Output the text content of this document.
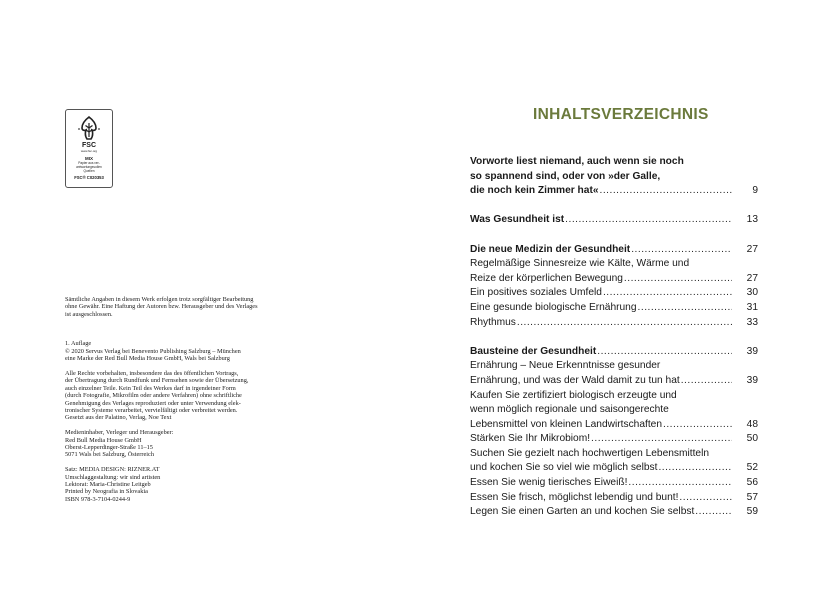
FSC
www.fsc.org
MIX
Papier aus ver-
antwortungsvollen
Quellen
FSC® C020353

Sämtliche Angaben in diesem Werk erfolgen trotz sorgfältiger Bearbeitung

ohne Gewähr. Eine Haftung der Autoren bzw. Herausgeber und des Verlages

ist ausgeschlossen.

1. Auflage

© 2020 Servus Verlag bei Benevento Publishing Salzburg – München

eine Marke der Red Bull Media House GmbH, Wals bei Salzburg

Alle Rechte vorbehalten, insbesondere das des öffentlichen Vortrags,

der Übertragung durch Rundfunk und Fernsehen sowie der Übersetzung,

auch einzelner Teile. Kein Teil des Werkes darf in irgendeiner Form

(durch Fotografie, Mikrofilm oder andere Verfahren) ohne schriftliche

Genehmigung des Verlages reproduziert oder unter Verwendung elek-

tronischer Systeme verarbeitet, vervielfältigt oder verbreitet werden.

Gesetzt aus der Palatino, Verlag, Noe Text

Medieninhaber, Verleger und Herausgeber:

Red Bull Media House GmbH

Oberst-Lepperdinger-Straße 11–15

5071 Wals bei Salzburg, Österreich

Satz: MEDIA DESIGN: RIZNER.AT

Umschlaggestaltung: wir sind artisten

Lektorat: Maria-Christine Leitgeb

Printed by Neografia in Slovakia

ISBN 978-3-7104-0244-9

INHALTSVERZEICHNIS
Vorworte liest niemand, auch wenn sie noch
so spannend sind, oder von »der Galle,
die noch kein Zimmer hat« .....	9
Was Gesundheit ist .....	13
Die neue Medizin der Gesundheit .....	27
Regelmäßige Sinnesreize wie Kälte, Wärme und
Reize der körperlichen Bewegung .....	27
Ein positives soziales Umfeld .....	30
Eine gesunde biologische Ernährung .....	31
Rhythmus .....	33
Bausteine der Gesundheit .....	39
Ernährung – Neue Erkenntnisse gesunder
Ernährung, und was der Wald damit zu tun hat .....	39
Kaufen Sie zertifiziert biologisch erzeugte und
wenn möglich regionale und saisongerechte
Lebensmittel von kleinen Landwirtschaften .....	48
Stärken Sie Ihr Mikrobiom! .....	50
Suchen Sie gezielt nach hochwertigen Lebensmitteln
und kochen Sie so viel wie möglich selbst .....	52
Essen Sie wenig tierisches Eiweiß! .....	56
Essen Sie frisch, möglichst lebendig und bunt! .....	57
Legen Sie einen Garten an und kochen Sie selbst .....	59
